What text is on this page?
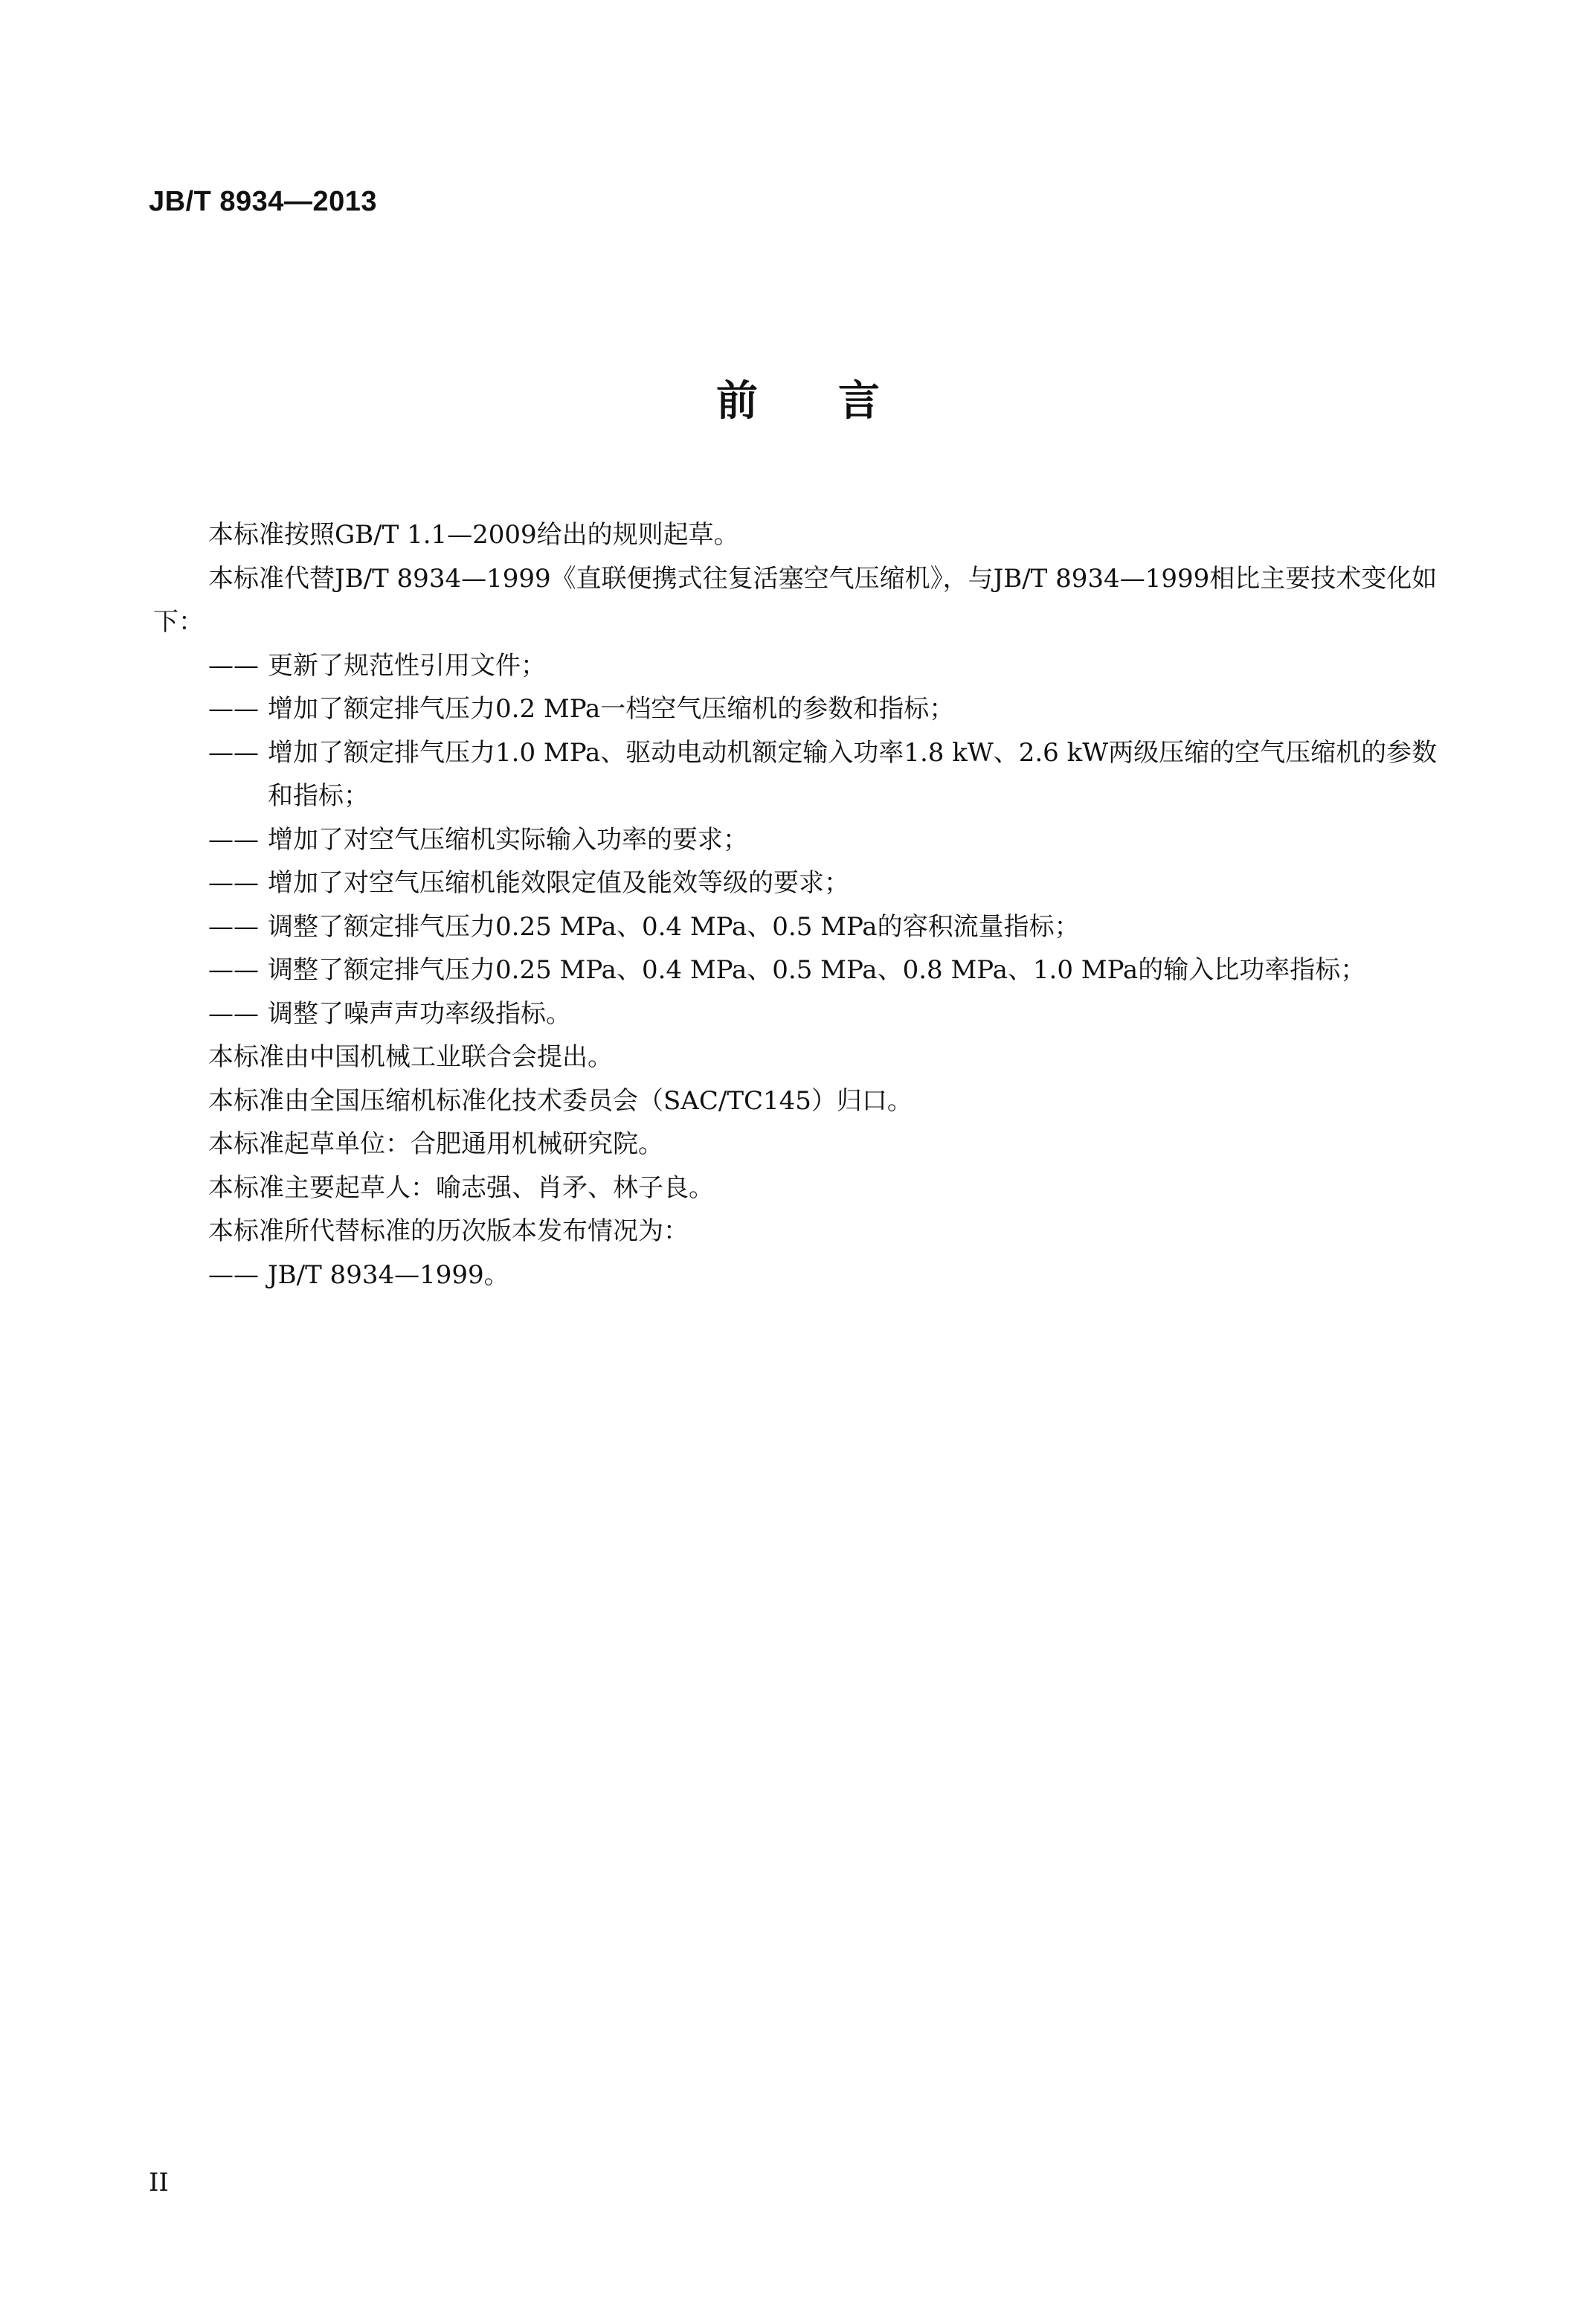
JB/T 8934—2013
前言

本标准按照GB/T 1.1—2009给出的规则起草。

本标准代替JB/T 8934—1999《直联便携式往复活塞空气压缩机》，与JB/T 8934—1999相比主要技术变化如下：

—— 更新了规范性引用文件；

—— 增加了额定排气压力0.2 MPa一档空气压缩机的参数和指标；

—— 增加了额定排气压力1.0 MPa、驱动电动机额定输入功率1.8 kW、2.6 kW两级压缩的空气压缩机的参数和指标；

—— 增加了对空气压缩机实际输入功率的要求；

—— 增加了对空气压缩机能效限定值及能效等级的要求；

—— 调整了额定排气压力0.25 MPa、0.4 MPa、0.5 MPa的容积流量指标；

—— 调整了额定排气压力0.25 MPa、0.4 MPa、0.5 MPa、0.8 MPa、1.0 MPa的输入比功率指标；

—— 调整了噪声声功率级指标。

本标准由中国机械工业联合会提出。

本标准由全国压缩机标准化技术委员会（SAC/TC145）归口。

本标准起草单位：合肥通用机械研究院。

本标准主要起草人：喻志强、肖矛、林子良。

本标准所代替标准的历次版本发布情况为：

—— JB/T 8934—1999。

II
